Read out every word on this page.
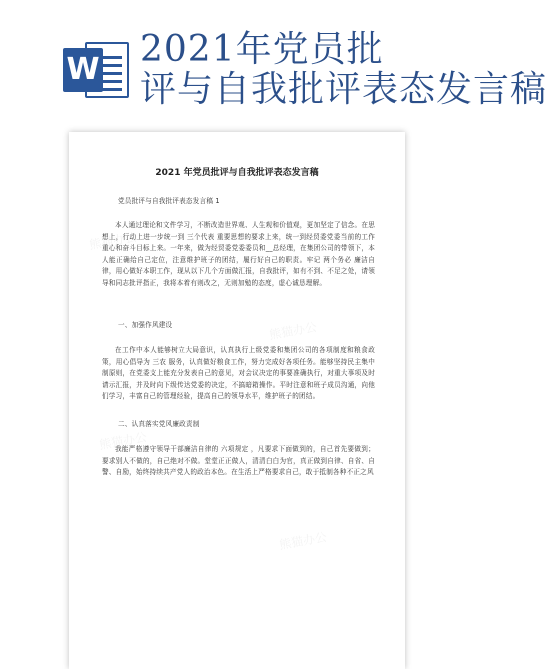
W 2021年党员批
评与自我批评表态发言稿
熊猫办公
熊猫办公
熊猫办公
熊猫办公
2021 年党员批评与自我批评表态发言稿
党员批评与自我批评表态发言稿 1
本人通过理论和文件学习，不断改造世界观、人生观和价值观，更加坚定了信念。在思想上，行动上进一步统一到 三个代表 重要思想的要求上来，统一到经贸委党委当前的工作重心和奋斗目标上来。一年来，做为经贸委党委委员和__总经理，在集团公司的带领下，本人能正确给自己定位，注意维护班子的团结，履行好自己的职责。牢记 两个务必 廉洁自律，用心做好本职工作，现从以下几个方面做汇报，自我批评，如有不到、不足之处，请领导和同志批评指正，我将本着有则改之，无则加勉的态度，虚心诚恳理解。
一、加强作风建设
在工作中本人能够树立大局意识，认真执行上级党委和集团公司的各项制度和粮食政策，用心倡导为 三农 服务，认真做好粮食工作，努力完成好各项任务。能够坚持民主集中制原则，在党委支上能充分发表自己的意见，对会议决定的事要准确执行，对重大事项及时请示汇报，并及时向下级传达党委的决定，不搞暗箱操作。平时注意和班子成员沟通，向他们学习，丰富自己的管理经验，提高自己的领导水平，维护班子的团结。
二、认真落实党风廉政责制
我能严格遵守领导干部廉洁自律的 六项规定 ，凡要求下面做到的，自己首先要做到；要求别人不做的，自己绝对不做。堂堂正正做人，清清白白为官，真正做到自律、自省、自警、自励，始终持续共产党人的政治本色。在生活上严格要求自己，敢于抵制各种不正之风
